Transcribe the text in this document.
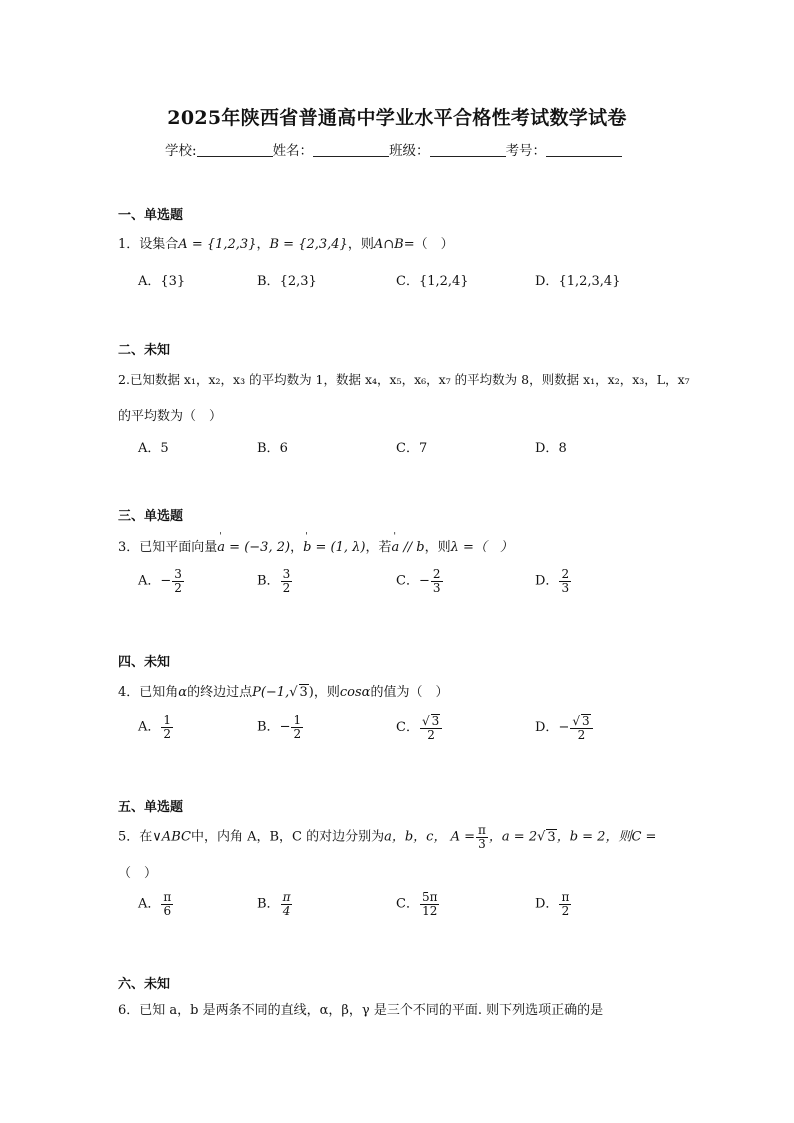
2025年陕西省普通高中学业水平合格性考试数学试卷
学校:	姓名：	班级：	考号：
一、单选题
1．设集合A = {1,2,3}，B = {2,3,4}，则A∩B=（　）
A．{3}	B．{2,3}	C．{1,2,4}	D．{1,2,3,4}
二、未知
2.已知数据 x₁，x₂，x₃ 的平均数为 1，数据 x₄，x₅，x₆，x₇ 的平均数为 8，则数据 x₁，x₂，x₃，L，x₇
的平均数为（　）
A．5	B．6	C．7	D．8
三、单选题
3．已知平面向量' a = (−3, 2)，' b = (1, λ)，若' a // b，则λ =（　）
A．− $\frac{3}{2}$	B． $\frac{3}{2}$	C．− $\frac{2}{3}$	D． $\frac{2}{3}$
四、未知
4．已知角α的终边过点P(−1,√ 3)，则cosα的值为（　）
A． $\frac{1}{2}$	B．− $\frac{1}{2}$	C． $\frac{√ 3}{2}$	D．− $\frac{√ 3}{2}$
五、单选题
5．在∨ABC中，内角 A，B，C 的对边分别为a，b，c， $A = \frac{\pi}{3}$ ，a = 2√ 3，b = 2，则C =
（　）
A． $\frac{\pi}{6}$	B． $\frac{\pi}{4}$	C． $\frac{5\pi}{12}$	D． $\frac{\pi}{2}$
六、未知
6．已知 a，b 是两条不同的直线，α，β，γ 是三个不同的平面. 则下列选项正确的是
